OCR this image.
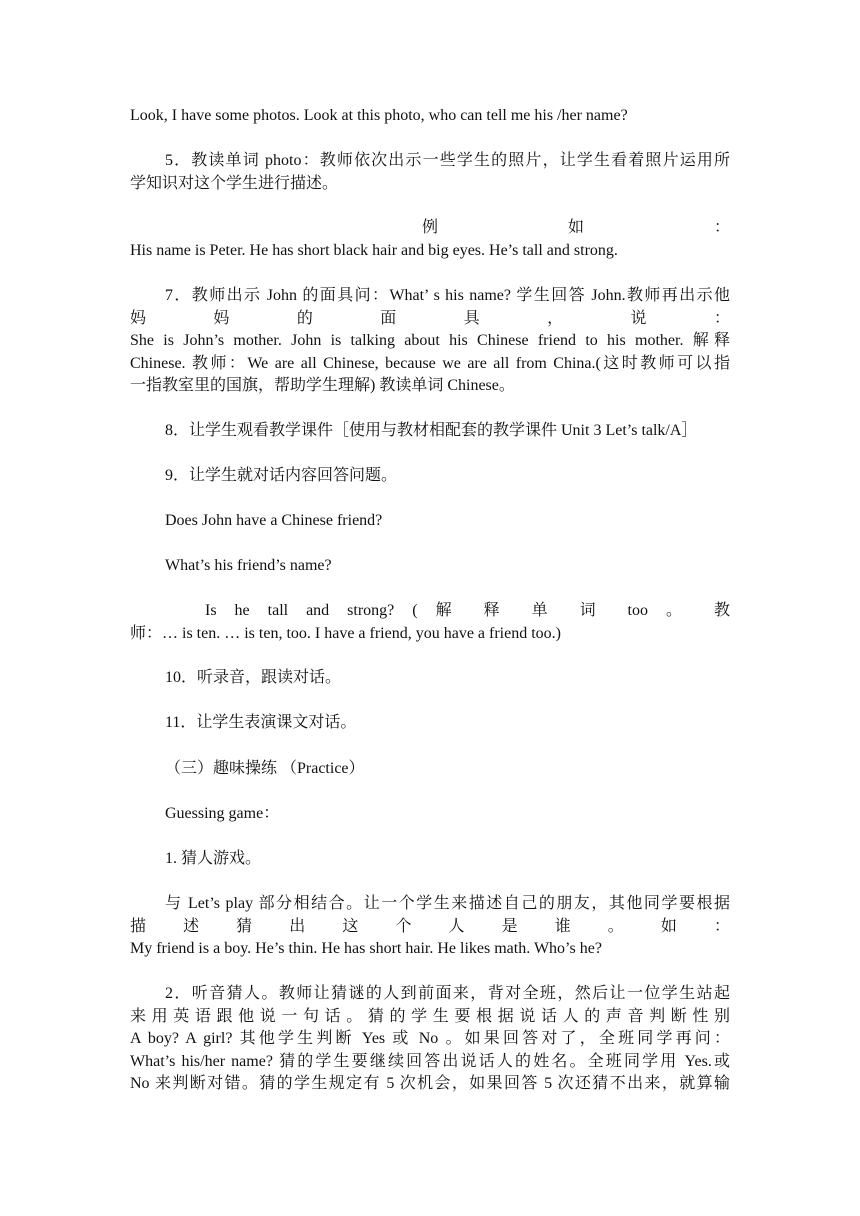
Look, I have some photos. Look at this photo, who can tell me his /her name?

5．教读单词 photo：教师依次出示一些学生的照片，让学生看着照片运用所
学知识对这个学生进行描述。

例　　　如　　　：
His name is Peter. He has short black hair and big eyes. He’s tall and strong.

7．教师出示 John 的面具问：What’ s his name? 学生回答 John.教师再出示他
妈 妈 的 面 具 ， 说 ：
She is John’s mother. John is talking about his Chinese friend to his mother. 解释
Chinese. 教师：We are all Chinese, because we are all from China.(这时教师可以指
一指教室里的国旗，帮助学生理解) 教读单词 Chinese。

8．让学生观看教学课件［使用与教材相配套的教学课件 Unit 3 Let’s talk/A］

9．让学生就对话内容回答问题。

Does John have a Chinese friend?

What’s his friend’s name?

Is he tall and strong? ( 解 释 单 词 too 。 教
师：… is ten. … is ten, too. I have a friend, you have a friend too.)

10．听录音，跟读对话。

11．让学生表演课文对话。

（三）趣味操练 （Practice）

Guessing game：

1. 猜人游戏。

与 Let’s play 部分相结合。让一个学生来描述自己的朋友，其他同学要根据
描 述 猜 出 这 个 人 是 谁 。 如 ：
My friend is a boy. He’s thin. He has short hair. He likes math. Who’s he?

2．听音猜人。教师让猜谜的人到前面来，背对全班，然后让一位学生站起
来用英语跟他说一句话。猜的学生要根据说话人的声音判断性别
A boy? A girl? 其他学生判断 Yes 或 No 。如果回答对了，全班同学再问：
What’s his/her name? 猜的学生要继续回答出说话人的姓名。全班同学用 Yes.或
No 来判断对错。猜的学生规定有 5 次机会，如果回答 5 次还猜不出来，就算输
